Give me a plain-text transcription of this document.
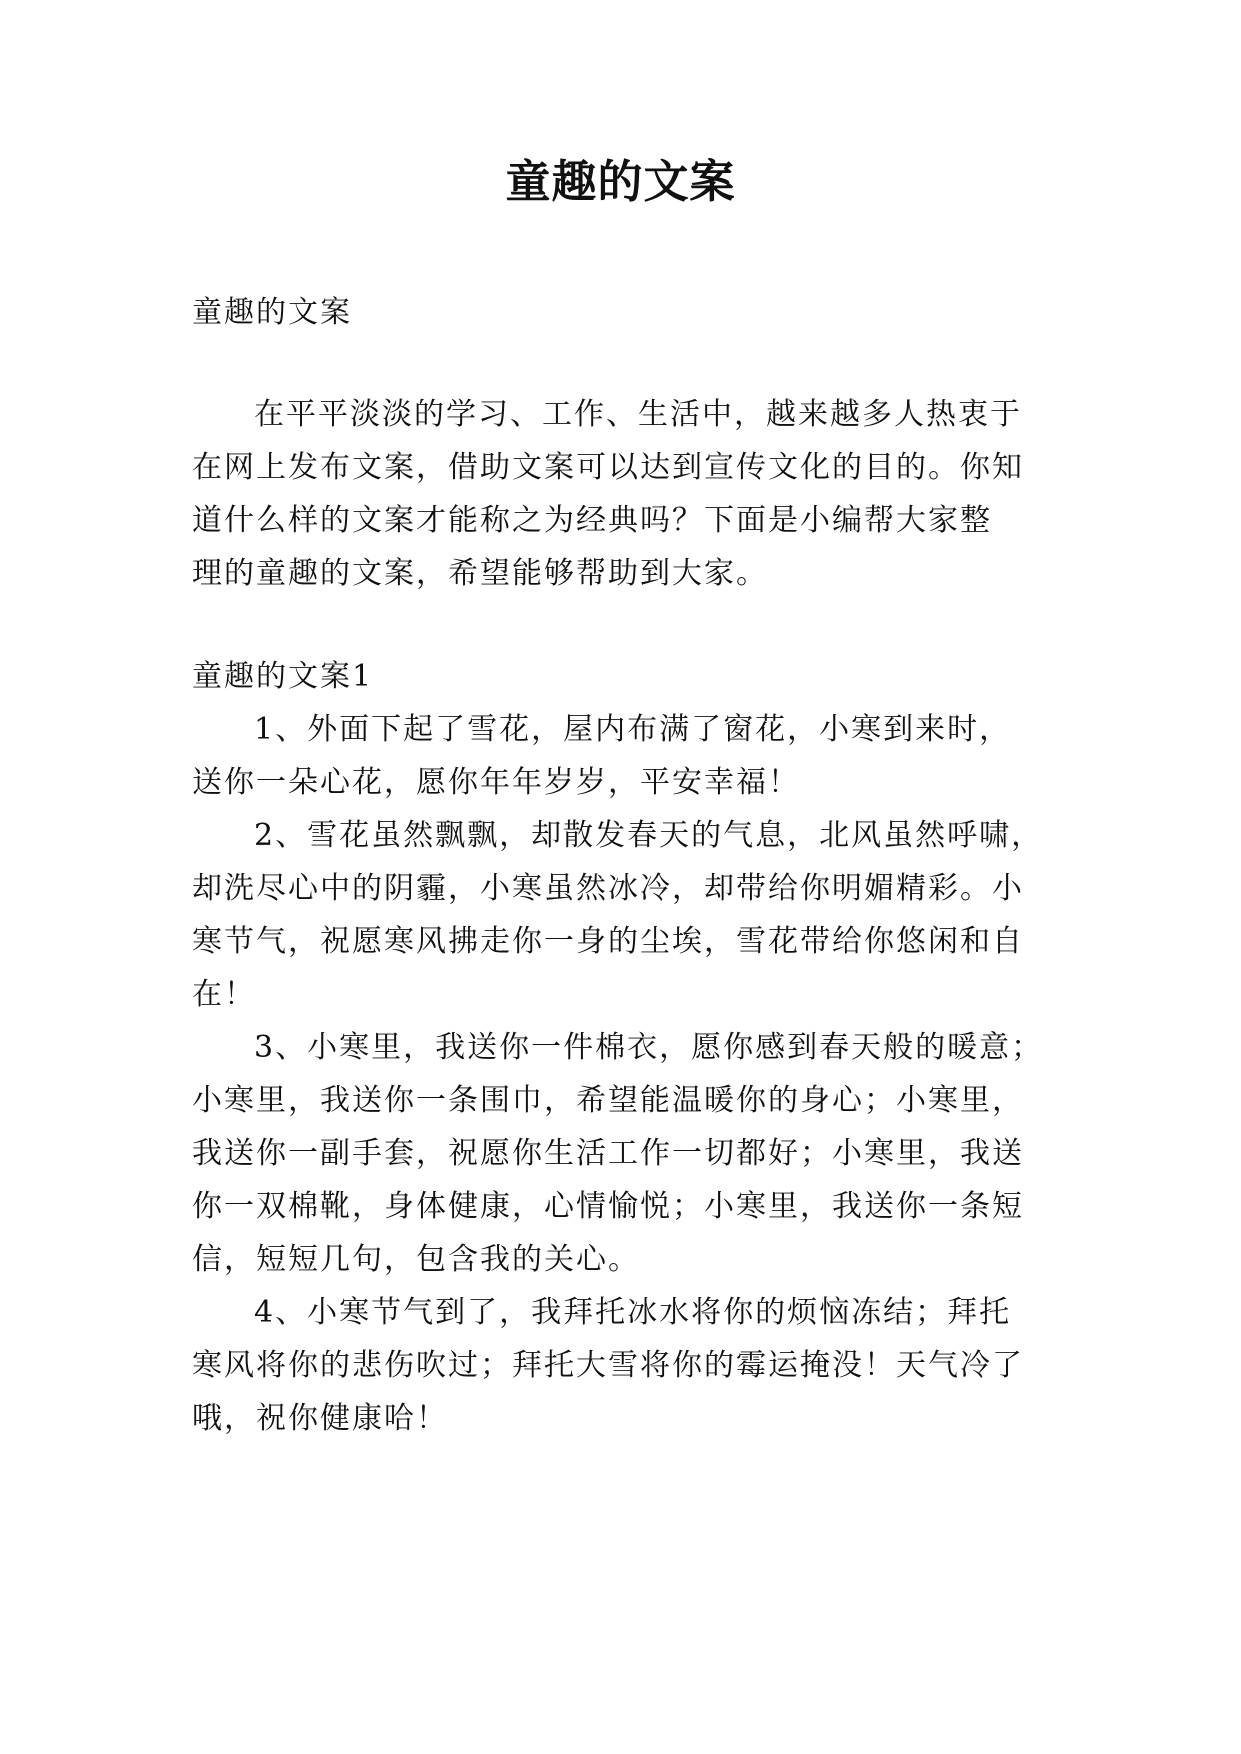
童趣的文案
童趣的文案
在平平淡淡的学习、工作、生活中，越来越多人热衷于
在网上发布文案，借助文案可以达到宣传文化的目的。你知
道什么样的文案才能称之为经典吗？下面是小编帮大家整
理的童趣的文案，希望能够帮助到大家。
童趣的文案1
1、外面下起了雪花，屋内布满了窗花，小寒到来时，
送你一朵心花，愿你年年岁岁，平安幸福！
2、雪花虽然飘飘，却散发春天的气息，北风虽然呼啸，
却洗尽心中的阴霾，小寒虽然冰冷，却带给你明媚精彩。小
寒节气，祝愿寒风拂走你一身的尘埃，雪花带给你悠闲和自
在！
3、小寒里，我送你一件棉衣，愿你感到春天般的暖意；
小寒里，我送你一条围巾，希望能温暖你的身心；小寒里，
我送你一副手套，祝愿你生活工作一切都好；小寒里，我送
你一双棉靴，身体健康，心情愉悦；小寒里，我送你一条短
信，短短几句，包含我的关心。
4、小寒节气到了，我拜托冰水将你的烦恼冻结；拜托
寒风将你的悲伤吹过；拜托大雪将你的霉运掩没！天气冷了
哦，祝你健康哈！
